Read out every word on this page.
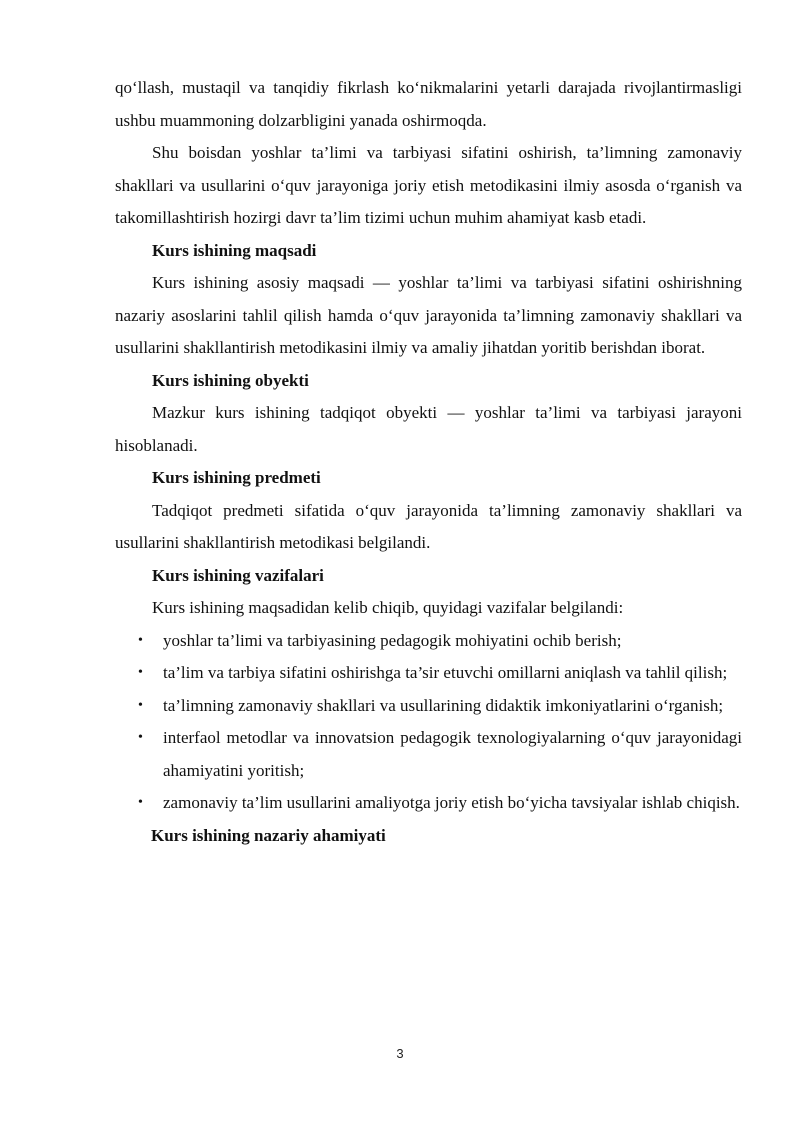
qo‘llash, mustaqil va tanqidiy fikrlash ko‘nikmalarini yetarli darajada rivojlantirmasligi ushbu muammoning dolzarbligini yanada oshirmoqda.

Shu boisdan yoshlar ta’limi va tarbiyasi sifatini oshirish, ta’limning zamonaviy shakllari va usullarini o‘quv jarayoniga joriy etish metodikasini ilmiy asosda o‘rganish va takomillashtirish hozirgi davr ta’lim tizimi uchun muhim ahamiyat kasb etadi.

Kurs ishining maqsadi

Kurs ishining asosiy maqsadi — yoshlar ta’limi va tarbiyasi sifatini oshirishning nazariy asoslarini tahlil qilish hamda o‘quv jarayonida ta’limning zamonaviy shakllari va usullarini shakllantirish metodikasini ilmiy va amaliy jihatdan yoritib berishdan iborat.

Kurs ishining obyekti

Mazkur kurs ishining tadqiqot obyekti — yoshlar ta’limi va tarbiyasi jarayoni hisoblanadi.

Kurs ishining predmeti

Tadqiqot predmeti sifatida o‘quv jarayonida ta’limning zamonaviy shakllari va usullarini shakllantirish metodikasi belgilandi.

Kurs ishining vazifalari

Kurs ishining maqsadidan kelib chiqib, quyidagi vazifalar belgilandi:

• yoshlar ta’limi va tarbiyasining pedagogik mohiyatini ochib berish;
• ta’lim va tarbiya sifatini oshirishga ta’sir etuvchi omillarni aniqlash va tahlil qilish;
• ta’limning zamonaviy shakllari va usullarining didaktik imkoniyatlarini o‘rganish;
• interfaol metodlar va innovatsion pedagogik texnologiyalarning o‘quv jarayonidagi ahamiyatini yoritish;
• zamonaviy ta’lim usullarini amaliyotga joriy etish bo‘yicha tavsiyalar ishlab chiqish.

Kurs ishining nazariy ahamiyati

3
